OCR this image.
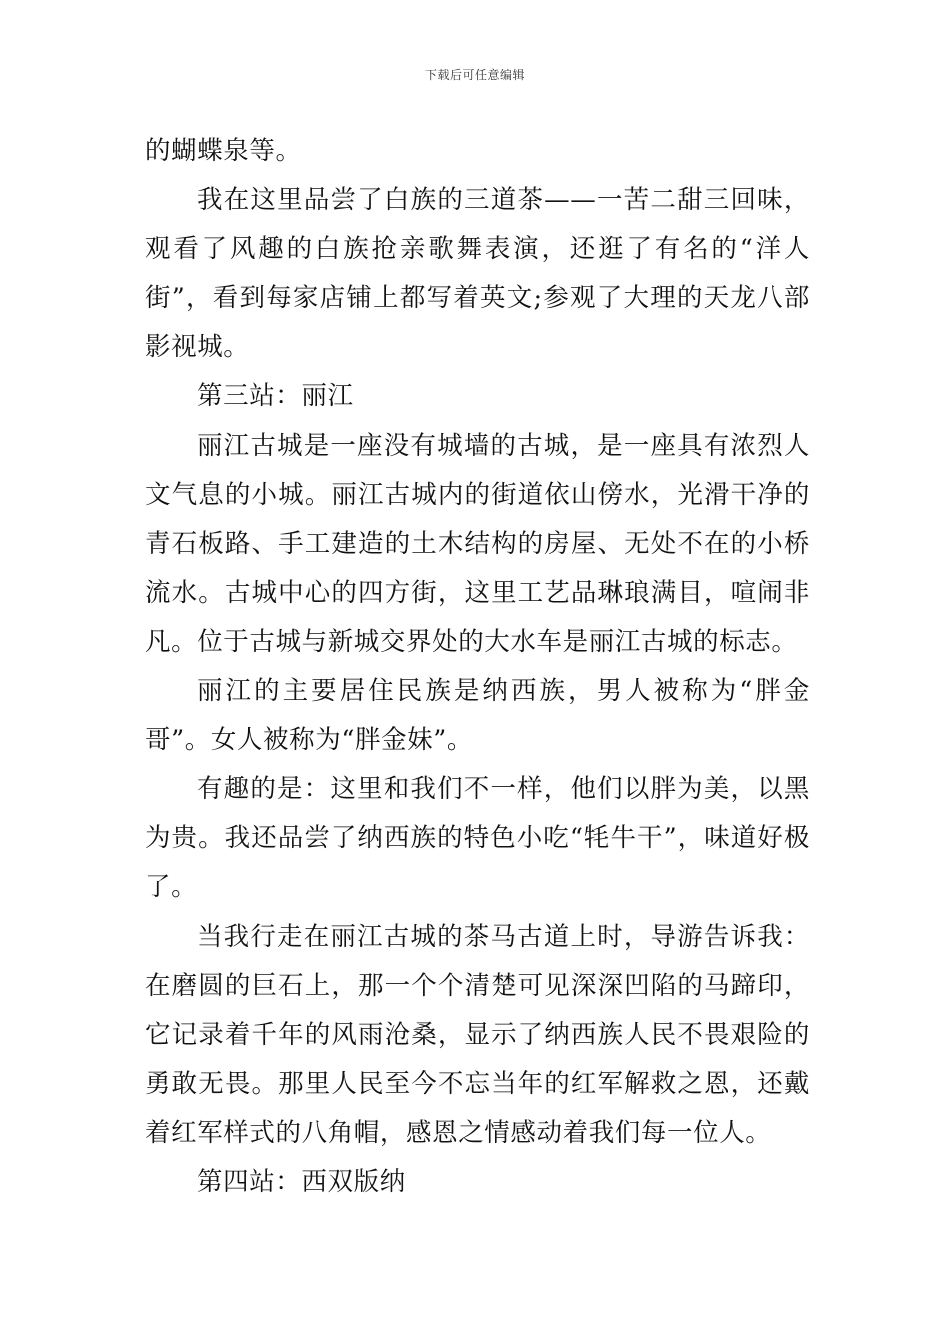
下载后可任意编辑

的蝴蝶泉等。

我在这里品尝了白族的三道茶——一苦二甜三回味，观看了风趣的白族抢亲歌舞表演，还逛了有名的“洋人街”，看到每家店铺上都写着英文;参观了大理的天龙八部影视城。

第三站：丽江

丽江古城是一座没有城墙的古城，是一座具有浓烈人文气息的小城。丽江古城内的街道依山傍水，光滑干净的青石板路、手工建造的土木结构的房屋、无处不在的小桥流水。古城中心的四方街，这里工艺品琳琅满目，喧闹非凡。位于古城与新城交界处的大水车是丽江古城的标志。

丽江的主要居住民族是纳西族，男人被称为“胖金哥”。女人被称为“胖金妹”。

有趣的是：这里和我们不一样，他们以胖为美，以黑为贵。我还品尝了纳西族的特色小吃“牦牛干”，味道好极了。

当我行走在丽江古城的茶马古道上时，导游告诉我：在磨圆的巨石上，那一个个清楚可见深深凹陷的马蹄印，它记录着千年的风雨沧桑，显示了纳西族人民不畏艰险的勇敢无畏。那里人民至今不忘当年的红军解救之恩，还戴着红军样式的八角帽，感恩之情感动着我们每一位人。

第四站：西双版纳
